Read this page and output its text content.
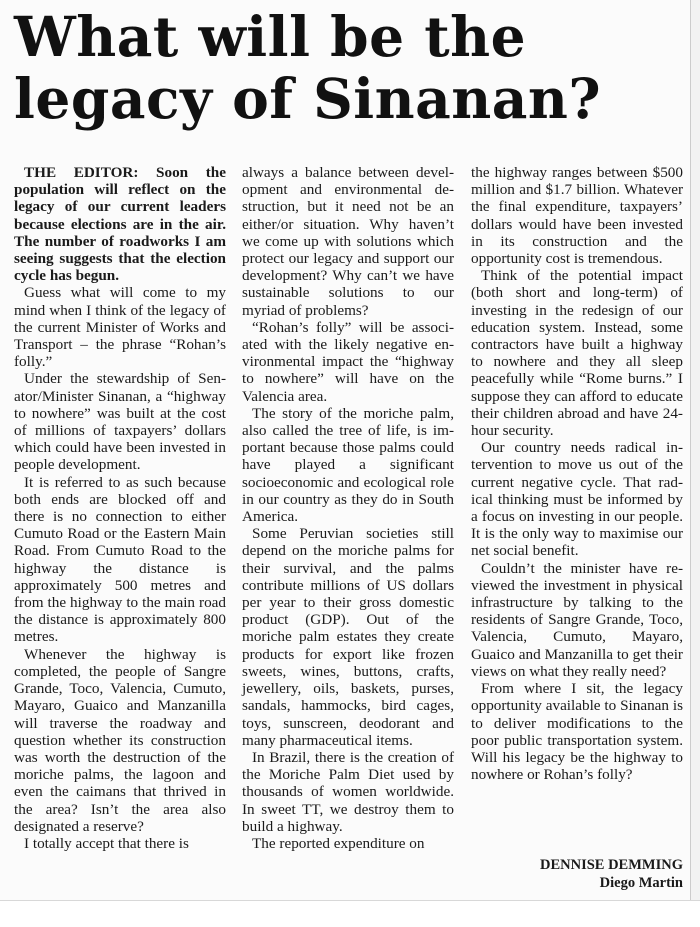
What will be the legacy of Sinanan?

THE EDITOR: Soon the population will reflect on the legacy of our current leaders because elections are in the air. The number of roadworks I am seeing suggests that the election cycle has begun.

Guess what will come to my mind when I think of the legacy of the current Minister of Works and Transport – the phrase “Rohan’s folly.”

Under the stewardship of Senator/Minister Sinanan, a “highway to nowhere” was built at the cost of millions of taxpayers’ dollars which could have been invested in people development.

It is referred to as such because both ends are blocked off and there is no connection to either Cumuto Road or the Eastern Main Road. From Cumuto Road to the highway the distance is approximately 500 metres and from the highway to the main road the distance is approximately 800 metres.

Whenever the highway is completed, the people of Sangre Grande, Toco, Valencia, Cumuto, Mayaro, Guaico and Manzanilla will traverse the roadway and question whether its construction was worth the destruction of the moriche palms, the lagoon and even the caimans that thrived in the area? Isn’t the area also designated a reserve?

I totally accept that there is

always a balance between development and environmental destruction, but it need not be an either/or situation. Why haven’t we come up with solutions which protect our legacy and support our development? Why can’t we have sustainable solutions to our myriad of problems?

“Rohan’s folly” will be associated with the likely negative environmental impact the “highway to nowhere” will have on the Valencia area.

The story of the moriche palm, also called the tree of life, is important because those palms could have played a significant socioeconomic and ecological role in our country as they do in South America.

Some Peruvian societies still depend on the moriche palms for their survival, and the palms contribute millions of US dollars per year to their gross domestic product (GDP). Out of the moriche palm estates they create products for export like frozen sweets, wines, buttons, crafts, jewellery, oils, baskets, purses, sandals, hammocks, bird cages, toys, sunscreen, deodorant and many pharmaceutical items.

In Brazil, there is the creation of the Moriche Palm Diet used by thousands of women worldwide. In sweet TT, we destroy them to build a highway.

The reported expenditure on

the highway ranges between $500 million and $1.7 billion. Whatever the final expenditure, taxpayers’ dollars would have been invested in its construction and the opportunity cost is tremendous.

Think of the potential impact (both short and long-term) of investing in the redesign of our education system. Instead, some contractors have built a highway to nowhere and they all sleep peacefully while “Rome burns.” I suppose they can afford to educate their children abroad and have 24-hour security.

Our country needs radical intervention to move us out of the current negative cycle. That radical thinking must be informed by a focus on investing in our people. It is the only way to maximise our net social benefit.

Couldn’t the minister have reviewed the investment in physical infrastructure by talking to the residents of Sangre Grande, Toco, Valencia, Cumuto, Mayaro, Guaico and Manzanilla to get their views on what they really need?

From where I sit, the legacy opportunity available to Sinanan is to deliver modifications to the poor public transportation system. Will his legacy be the highway to nowhere or Rohan’s folly?

DENNISE DEMMING
Diego Martin
